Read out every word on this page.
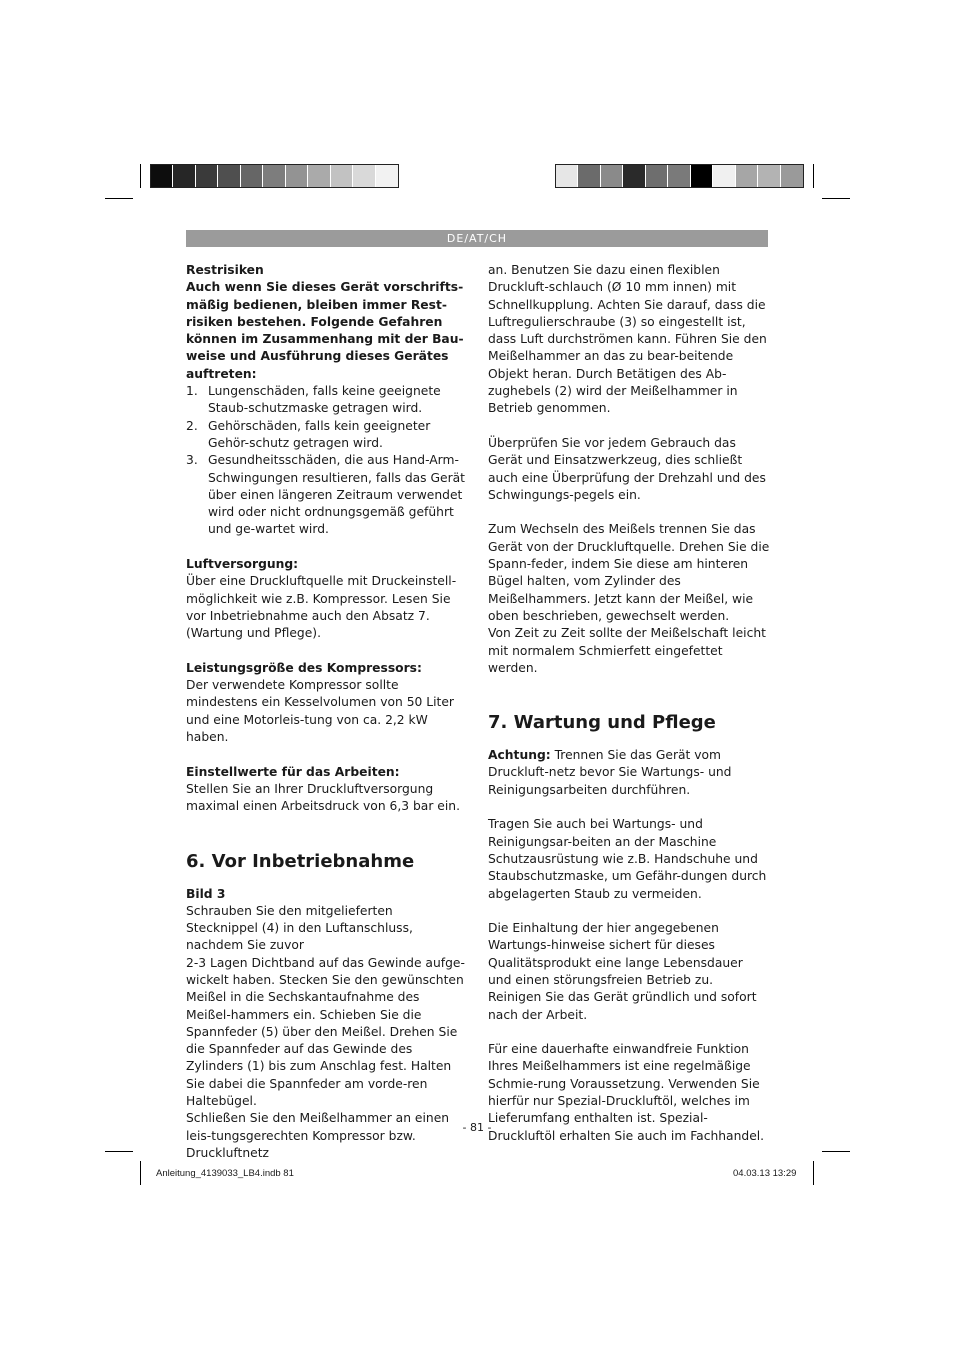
DE/AT/CH

Restrisiken

Auch wenn Sie dieses Gerät vorschrifts-mäßig bedienen, bleiben immer Rest-risiken bestehen. Folgende Gefahren können im Zusammenhang mit der Bau-weise und Ausführung dieses Gerätes auftreten:

1. Lungenschäden, falls keine geeignete Staub-schutzmaske getragen wird.
2. Gehörschäden, falls kein geeigneter Gehör-schutz getragen wird.
3. Gesundheitsschäden, die aus Hand-Arm-Schwingungen resultieren, falls das Gerät über einen längeren Zeitraum verwendet wird oder nicht ordnungsgemäß geführt und ge-wartet wird.

Luftversorgung:

Über eine Druckluftquelle mit Druckeinstell-möglichkeit wie z.B. Kompressor. Lesen Sie vor Inbetriebnahme auch den Absatz 7. (Wartung und Pflege).

Leistungsgröße des Kompressors:

Der verwendete Kompressor sollte mindestens ein Kesselvolumen von 50 Liter und eine Motorleis-tung von ca. 2,2 kW haben.

Einstellwerte für das Arbeiten:

Stellen Sie an Ihrer Druckluftversorgung maximal einen Arbeitsdruck von 6,3 bar ein.

6. Vor Inbetriebnahme

Bild 3

Schrauben Sie den mitgelieferten Stecknippel (4) in den Luftanschluss, nachdem Sie zuvor

2-3 Lagen Dichtband auf das Gewinde aufge-wickelt haben. Stecken Sie den gewünschten Meißel in die Sechskantaufnahme des Meißel-hammers ein. Schieben Sie die Spannfeder (5) über den Meißel. Drehen Sie die Spannfeder auf das Gewinde des Zylinders (1) bis zum Anschlag fest. Halten Sie dabei die Spannfeder am vorde-ren Haltebügel.

Schließen Sie den Meißelhammer an einen leis-tungsgerechten Kompressor bzw. Druckluftnetz

an. Benutzen Sie dazu einen flexiblen Druckluft-schlauch (Ø 10 mm innen) mit Schnellkupplung. Achten Sie darauf, dass die Luftregulierschraube (3) so eingestellt ist, dass Luft durchströmen kann. Führen Sie den Meißelhammer an das zu bear-beitende Objekt heran. Durch Betätigen des Ab-zughebels (2) wird der Meißelhammer in Betrieb genommen.

Überprüfen Sie vor jedem Gebrauch das Gerät und Einsatzwerkzeug, dies schließt auch eine Überprüfung der Drehzahl und des Schwingungs-pegels ein.

Zum Wechseln des Meißels trennen Sie das Gerät von der Druckluftquelle. Drehen Sie die Spann-feder, indem Sie diese am hinteren Bügel halten, vom Zylinder des Meißelhammers. Jetzt kann der Meißel, wie oben beschrieben, gewechselt werden.

Von Zeit zu Zeit sollte der Meißelschaft leicht mit normalem Schmierfett eingefettet werden.

7. Wartung und Pflege

Achtung: Trennen Sie das Gerät vom Druckluft-netz bevor Sie Wartungs- und Reinigungsarbeiten durchführen.

Tragen Sie auch bei Wartungs- und Reinigungsar-beiten an der Maschine Schutzausrüstung wie z.B. Handschuhe und Staubschutzmaske, um Gefähr-dungen durch abgelagerten Staub zu vermeiden.

Die Einhaltung der hier angegebenen Wartungs-hinweise sichert für dieses Qualitätsprodukt eine lange Lebensdauer und einen störungsfreien Betrieb zu.

Reinigen Sie das Gerät gründlich und sofort nach der Arbeit.

Für eine dauerhafte einwandfreie Funktion Ihres Meißelhammers ist eine regelmäßige Schmie-rung Voraussetzung. Verwenden Sie hierfür nur Spezial-Druckluftöl, welches im Lieferumfang enthalten ist. Spezial-Druckluftöl erhalten Sie auch im Fachhandel.

- 81 -
Anleitung_4139033_LB4.indb 81	04.03.13 13:29
